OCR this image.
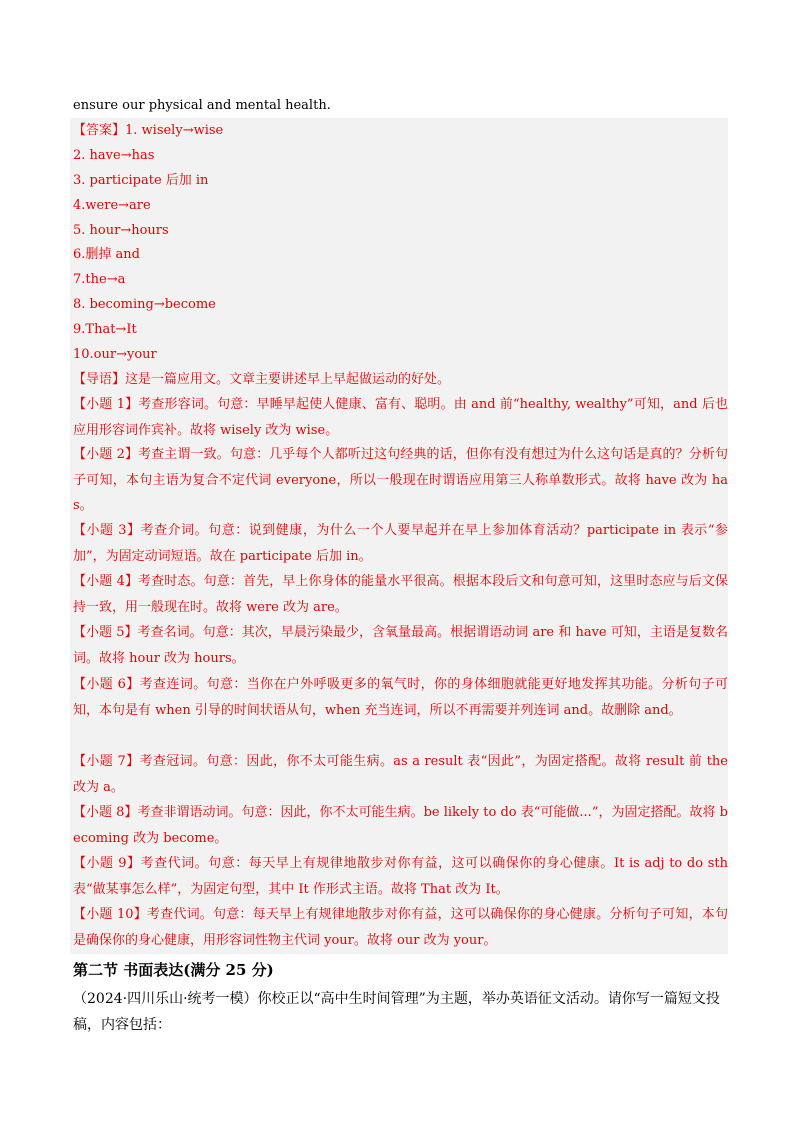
ensure our physical and mental health.
【答案】1. wisely→wise
2. have→has
3. participate 后加 in
4.were→are
5. hour→hours
6.删掉 and
7.the→a
8. becoming→become
9.That→It
10.our→your

【导语】这是一篇应用文。文章主要讲述早上早起做运动的好处。

【小题 1】考查形容词。句意：早睡早起使人健康、富有、聪明。由 and 前“healthy, wealthy”可知，and 后也应用形容词作宾补。故将 wisely 改为 wise。

【小题 2】考查主谓一致。句意：几乎每个人都听过这句经典的话，但你有没有想过为什么这句话是真的？分析句子可知，本句主语为复合不定代词 everyone，所以一般现在时谓语应用第三人称单数形式。故将 have 改为 has。

【小题 3】考查介词。句意：说到健康，为什么一个人要早起并在早上参加体育活动？participate in 表示“参加”，为固定动词短语。故在 participate 后加 in。

【小题 4】考查时态。句意：首先，早上你身体的能量水平很高。根据本段后文和句意可知，这里时态应与后文保持一致，用一般现在时。故将 were 改为 are。

【小题 5】考查名词。句意：其次，早晨污染最少，含氧量最高。根据谓语动词 are 和 have 可知，主语是复数名词。故将 hour 改为 hours。

【小题 6】考查连词。句意：当你在户外呼吸更多的氧气时，你的身体细胞就能更好地发挥其功能。分析句子可知，本句是有 when 引导的时间状语从句，when 充当连词，所以不再需要并列连词 and。故删除 and。

【小题 7】考查冠词。句意：因此，你不太可能生病。as a result 表“因此”，为固定搭配。故将 result 前 the 改为 a。

【小题 8】考查非谓语动词。句意：因此，你不太可能生病。be likely to do 表“可能做...”，为固定搭配。故将 becoming 改为 become。

【小题 9】考查代词。句意：每天早上有规律地散步对你有益，这可以确保你的身心健康。It is adj to do sth 表“做某事怎么样”，为固定句型，其中 It 作形式主语。故将 That 改为 It。

【小题 10】考查代词。句意：每天早上有规律地散步对你有益，这可以确保你的身心健康。分析句子可知，本句是确保你的身心健康，用形容词性物主代词 your。故将 our 改为 your。

第二节 书面表达(满分 25 分)

（2024·四川乐山·统考一模）你校正以“高中生时间管理”为主题，举办英语征文活动。请你写一篇短文投稿，内容包括：
